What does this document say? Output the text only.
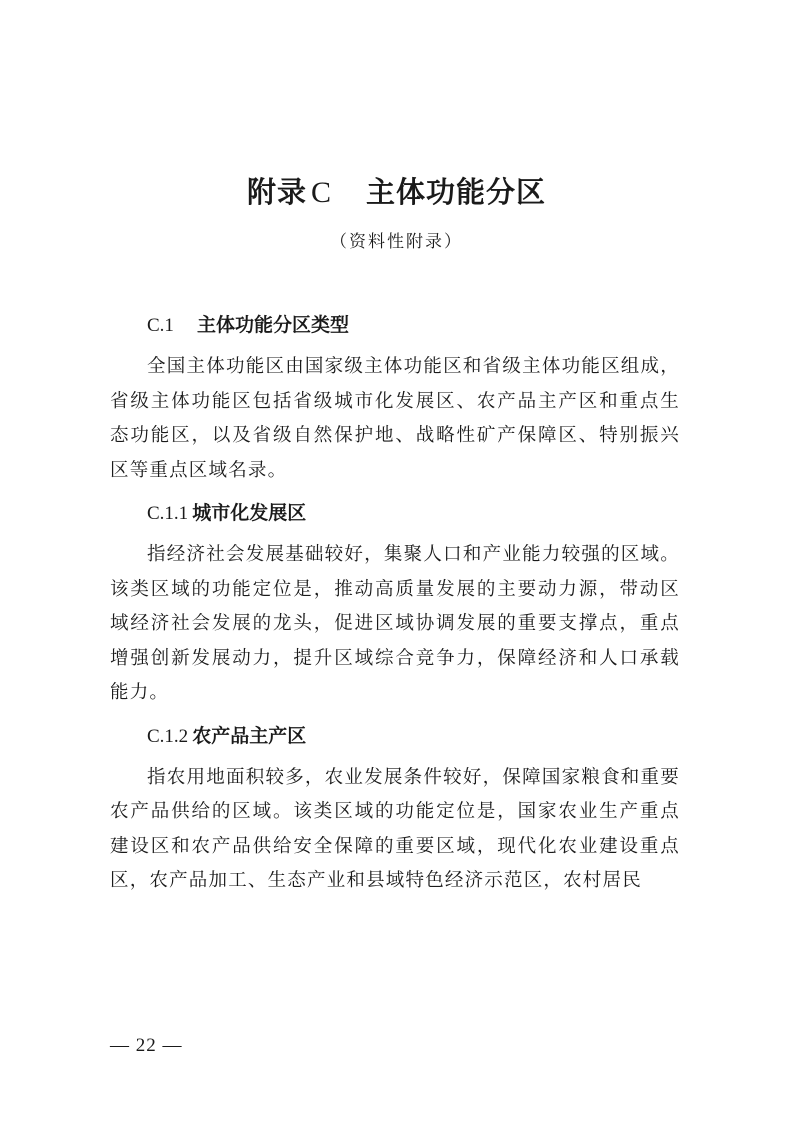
附录 C　 主体功能分区
（资料性附录）
C.1  主体功能分区类型

全国主体功能区由国家级主体功能区和省级主体功能区组成，省级主体功能区包括省级城市化发展区、农产品主产区和重点生态功能区，以及省级自然保护地、战略性矿产保障区、特别振兴区等重点区域名录。

C.1.1 城市化发展区

指经济社会发展基础较好，集聚人口和产业能力较强的区域。该类区域的功能定位是，推动高质量发展的主要动力源，带动区域经济社会发展的龙头，促进区域协调发展的重要支撑点，重点增强创新发展动力，提升区域综合竞争力，保障经济和人口承载能力。

C.1.2 农产品主产区

指农用地面积较多，农业发展条件较好，保障国家粮食和重要农产品供给的区域。该类区域的功能定位是，国家农业生产重点建设区和农产品供给安全保障的重要区域，现代化农业建设重点区，农产品加工、生态产业和县域特色经济示范区，农村居民

— 22 —
